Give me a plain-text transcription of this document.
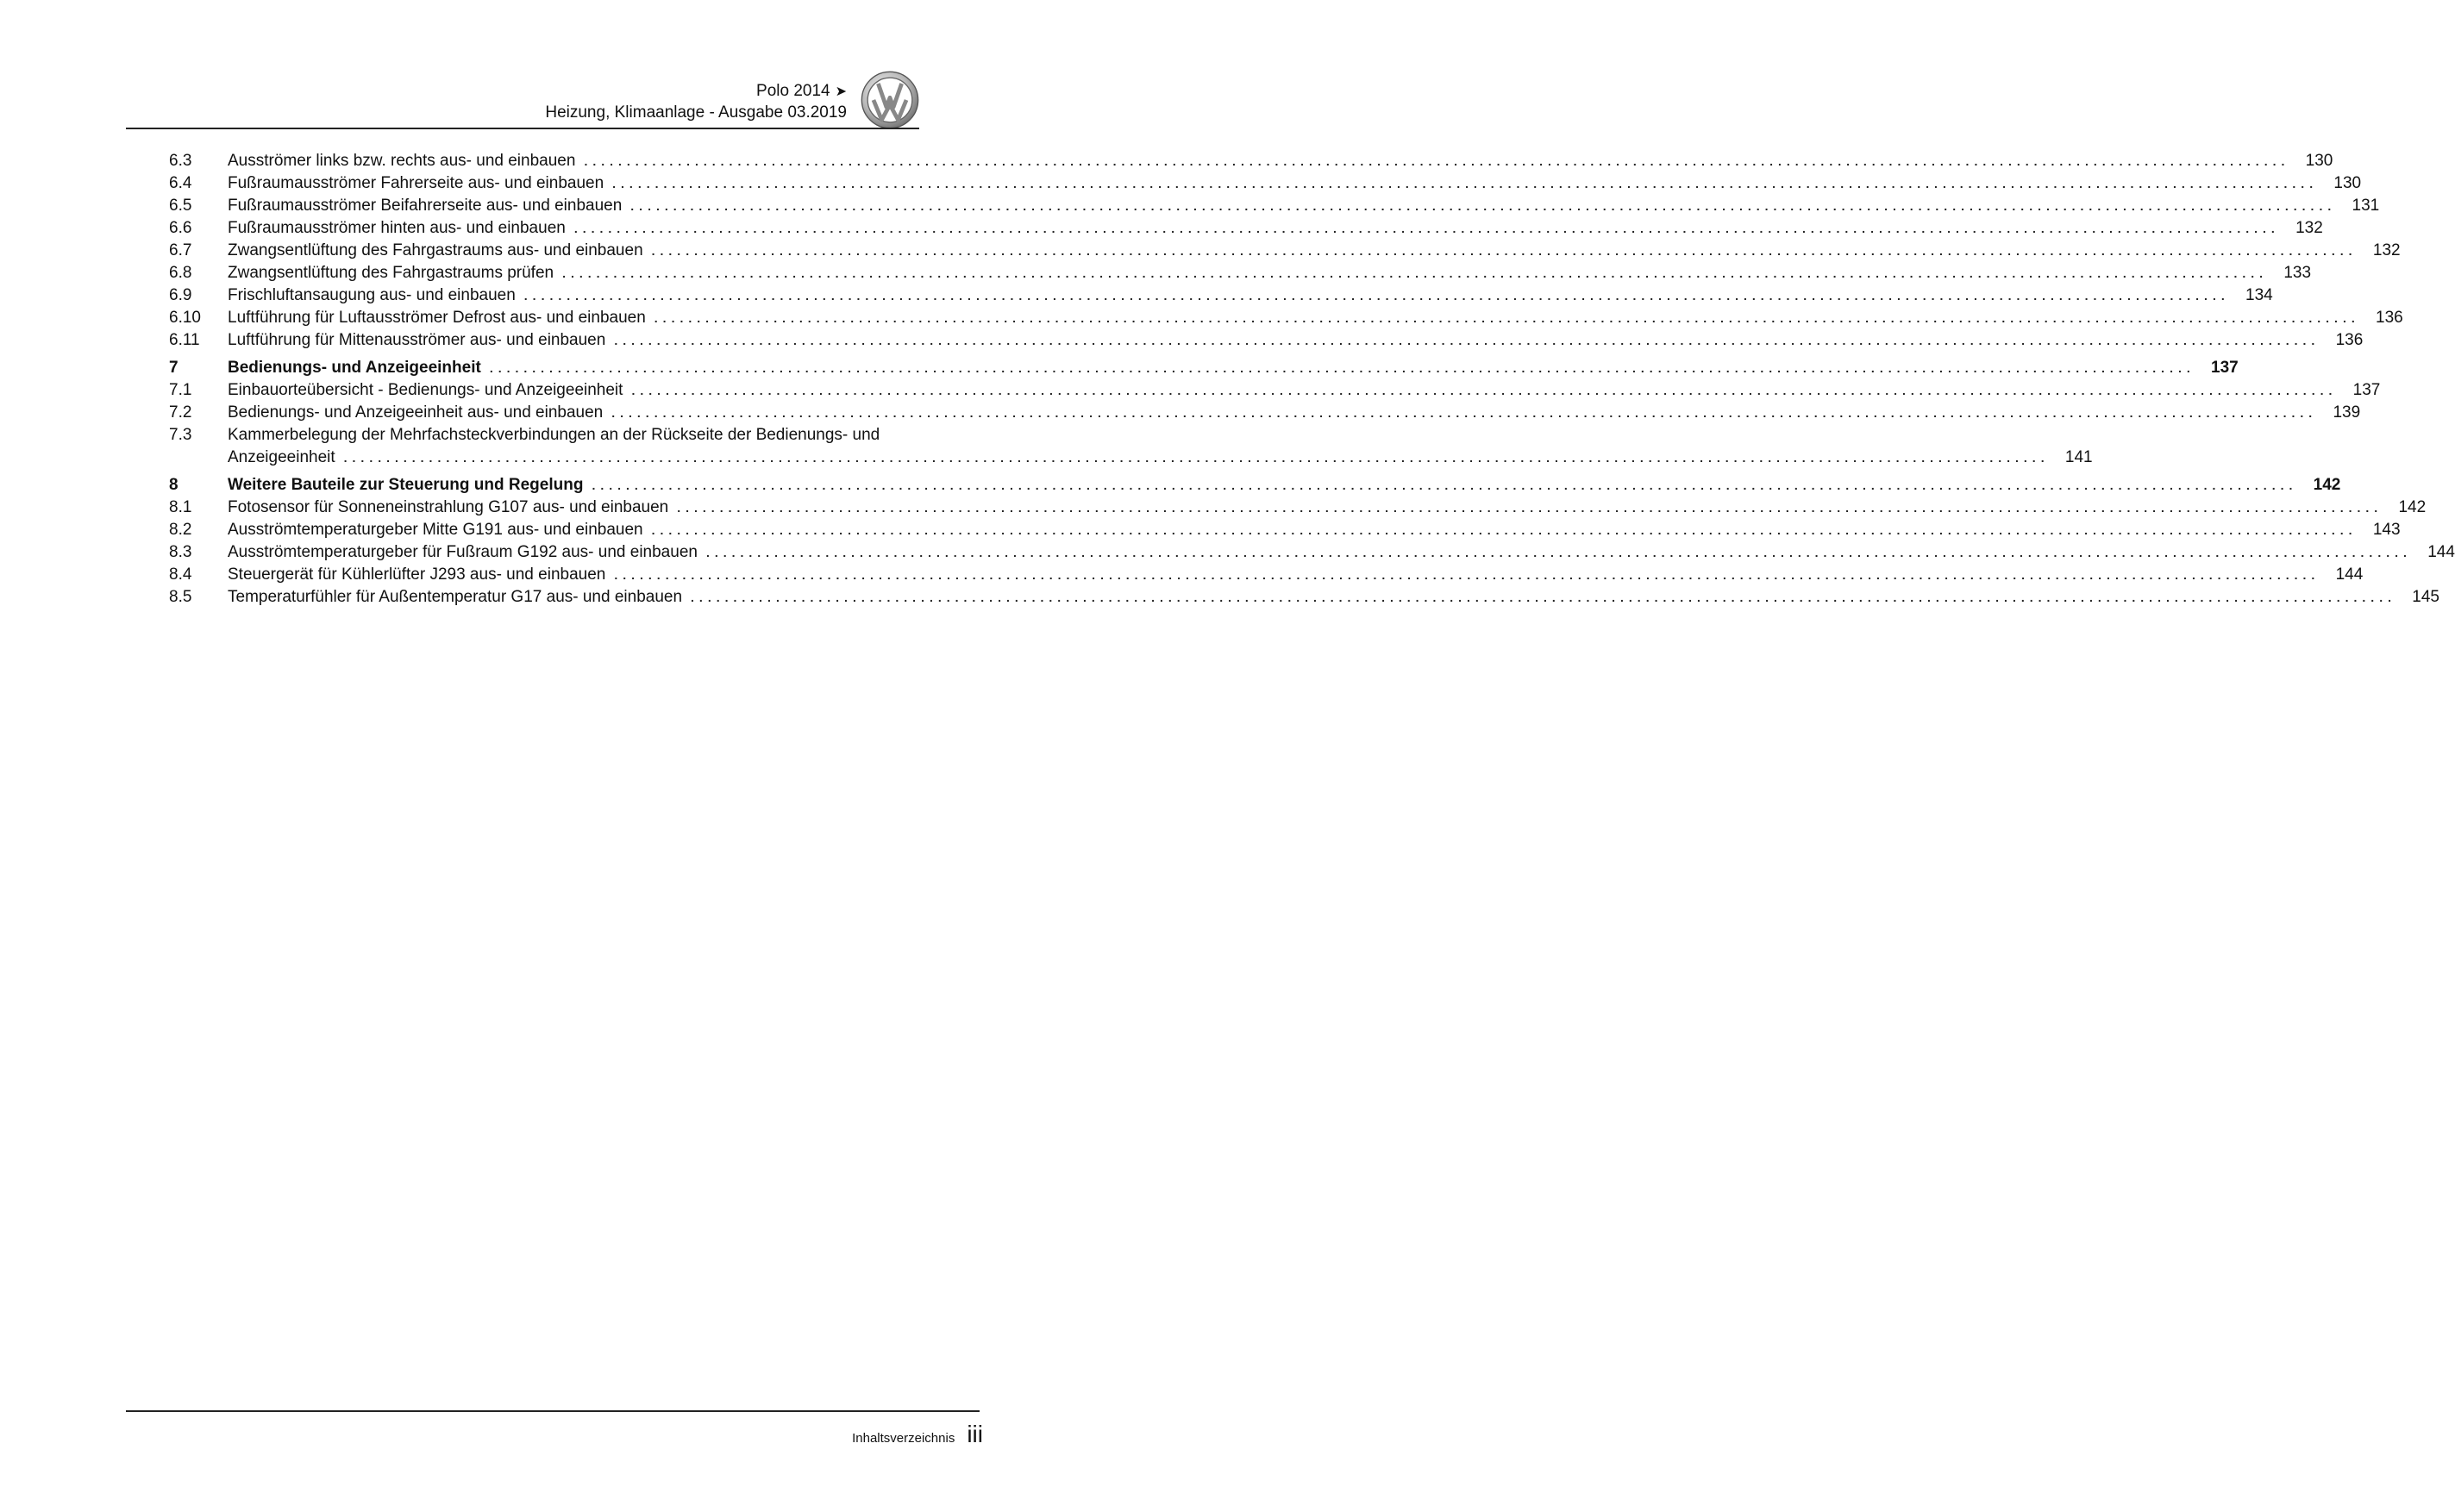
Polo 2014 ➤
Heizung, Klimaanlage - Ausgabe 03.2019
6.3	Ausströmer links bzw. rechts aus- und einbauen ........................................................................................................................................................................................................ 130
6.4	Fußraumausströmer Fahrerseite aus- und einbauen ........................................................................................................................................................................................................ 130
6.5	Fußraumausströmer Beifahrerseite aus- und einbauen ........................................................................................................................................................................................................ 131
6.6	Fußraumausströmer hinten aus- und einbauen ........................................................................................................................................................................................................ 132
6.7	Zwangsentlüftung des Fahrgastraums aus- und einbauen ........................................................................................................................................................................................................ 132
6.8	Zwangsentlüftung des Fahrgastraums prüfen ........................................................................................................................................................................................................ 133
6.9	Frischluftansaugung aus- und einbauen ........................................................................................................................................................................................................ 134
6.10	Luftführung für Luftausströmer Defrost aus- und einbauen ........................................................................................................................................................................................................ 136
6.11	Luftführung für Mittenausströmer aus- und einbauen ........................................................................................................................................................................................................ 136
7	Bedienungs- und Anzeigeeinheit ........................................................................................................................................................................................................ 137
7.1	Einbauorteübersicht - Bedienungs- und Anzeigeeinheit ........................................................................................................................................................................................................ 137
7.2	Bedienungs- und Anzeigeeinheit aus- und einbauen ........................................................................................................................................................................................................ 139
7.3	Kammerbelegung der Mehrfachsteckverbindungen an der Rückseite der Bedienungs- und
Anzeigeeinheit ........................................................................................................................................................................................................ 141
8	Weitere Bauteile zur Steuerung und Regelung ........................................................................................................................................................................................................ 142
8.1	Fotosensor für Sonneneinstrahlung G107 aus- und einbauen ........................................................................................................................................................................................................ 142
8.2	Ausströmtemperaturgeber Mitte G191 aus- und einbauen ........................................................................................................................................................................................................ 143
8.3	Ausströmtemperaturgeber für Fußraum G192 aus- und einbauen ........................................................................................................................................................................................................ 144
8.4	Steuergerät für Kühlerlüfter J293 aus- und einbauen ........................................................................................................................................................................................................ 144
8.5	Temperaturfühler für Außentemperatur G17 aus- und einbauen ........................................................................................................................................................................................................ 145
Inhaltsverzeichnis iii
